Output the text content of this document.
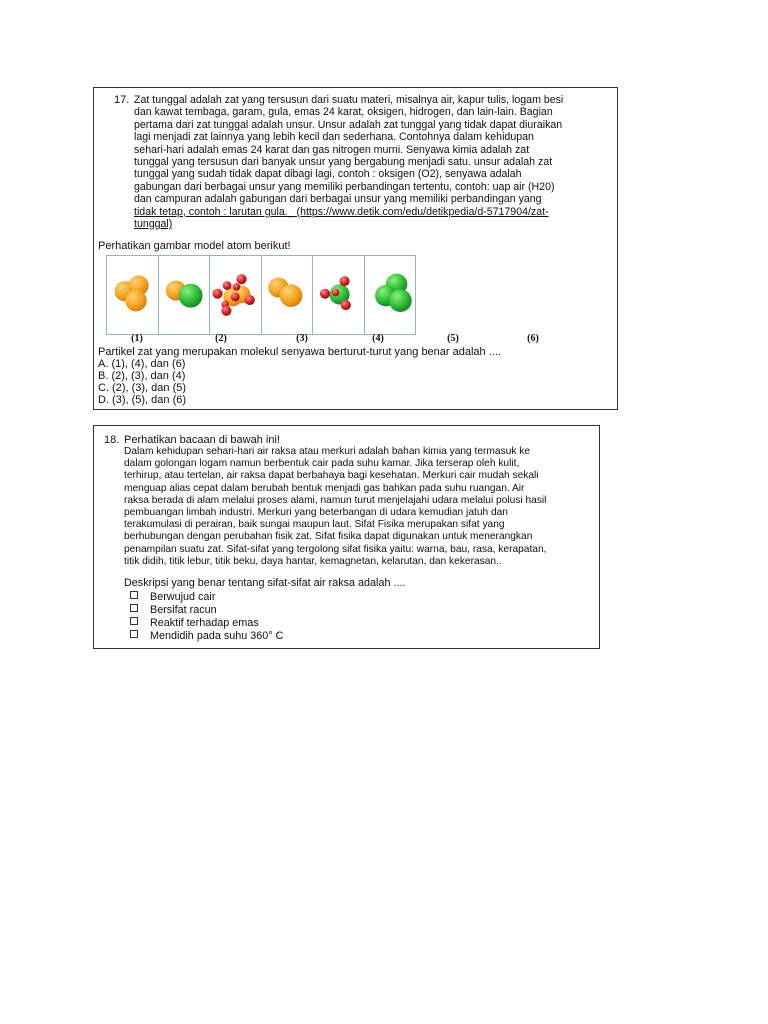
17. Zat tunggal adalah zat yang tersusun dari suatu materi, misalnya air, kapur tulis, logam besi
dan kawat tembaga, garam, gula, emas 24 karat, oksigen, hidrogen, dan lain-lain. Bagian
pertama dari zat tunggal adalah unsur. Unsur adalah zat tunggal yang tidak dapat diuraikan
lagi menjadi zat lainnya yang lebih kecil dan sederhana. Contohnya dalam kehidupan
sehari-hari adalah emas 24 karat dan gas nitrogen murni. Senyawa kimia adalah zat
tunggal yang tersusun dari banyak unsur yang bergabung menjadi satu. unsur adalah zat
tunggal yang sudah tidak dapat dibagi lagi, contoh : oksigen (O2), senyawa adalah
gabungan dari berbagai unsur yang memiliki perbandingan tertentu, contoh: uap air (H20)
dan campuran adalah gabungan dari berbagai unsur yang memiliki perbandingan yang
tidak tetap, contoh : larutan gula._ (https://www.detik.com/edu/detikpedia/d-5717904/zat-
tunggal)
Perhatikan gambar model atom berikut!
(1)	(2)	(3)	(4)	(5)	(6)
Partikel zat yang merupakan molekul senyawa berturut-turut yang benar adalah ....
A. (1), (4), dan (6)
B. (2), (3), dan (4)
C. (2), (3), dan (5)
D. (3), (5), dan (6)
18. Perhatikan bacaan di bawah ini!
Dalam kehidupan sehari-hari air raksa atau merkuri adalah bahan kimia yang termasuk ke
dalam golongan logam namun berbentuk cair pada suhu kamar. Jika terserap oleh kulit,
terhirup, atau tertelan, air raksa dapat berbahaya bagi kesehatan. Merkuri cair mudah sekali
menguap alias cepat dalam berubah bentuk menjadi gas bahkan pada suhu ruangan. Air
raksa berada di alam melalui proses alami, namun turut menjelajahi udara melalui polusi hasil
pembuangan limbah industri. Merkuri yang beterbangan di udara kemudian jatuh dan
terakumulasi di perairan, baik sungai maupun laut. Sifat Fisika merupakan sifat yang
berhubungan dengan perubahan fisik zat. Sifat fisika dapat digunakan untuk menerangkan
penampilan suatu zat. Sifat-sifat yang tergolong sifat fisika yaitu: warna, bau, rasa, kerapatan,
titik didih, titik lebur, titik beku, daya hantar, kemagnetan, kelarutan, dan kekerasan..
Deskripsi yang benar tentang sifat-sifat air raksa adalah ....
Berwujud cair
Bersifat racun
Reaktif terhadap emas
Mendidih pada suhu 360° C
